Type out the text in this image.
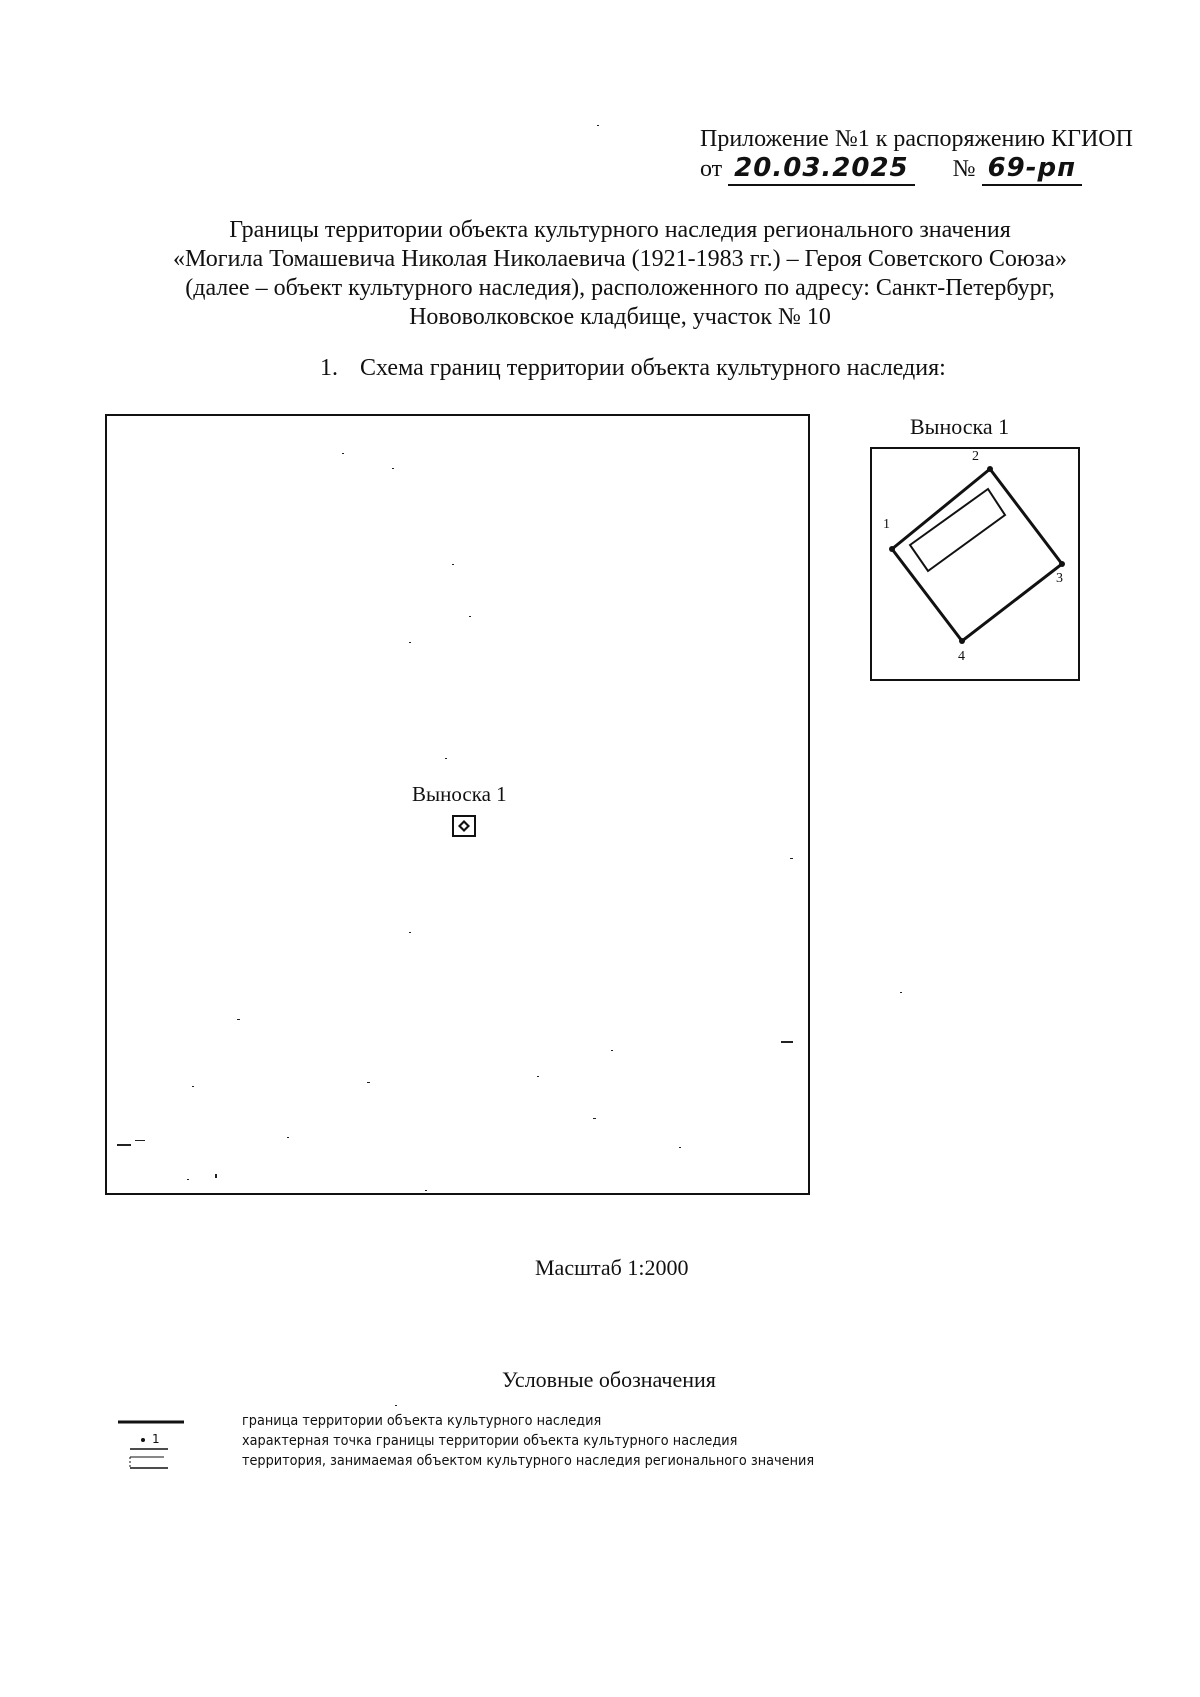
Приложение №1 к распоряжению КГИОП
от 20.03.2025 № 69-рп
Границы территории объекта культурного наследия регионального значения
«Могила Томашевича Николая Николаевича (1921-1983 гг.) – Героя Советского Союза»
(далее – объект культурного наследия), расположенного по адресу: Санкт-Петербург,
Нововолковское кладбище, участок № 10
1. Схема границ территории объекта культурного наследия:
Выноска 1
Выноска 1
1
2
3
4
Масштаб 1:2000
Условные обозначения
граница территории объекта культурного наследия
1	характерная точка границы территории объекта культурного наследия
территория, занимаемая объектом культурного наследия регионального значения
